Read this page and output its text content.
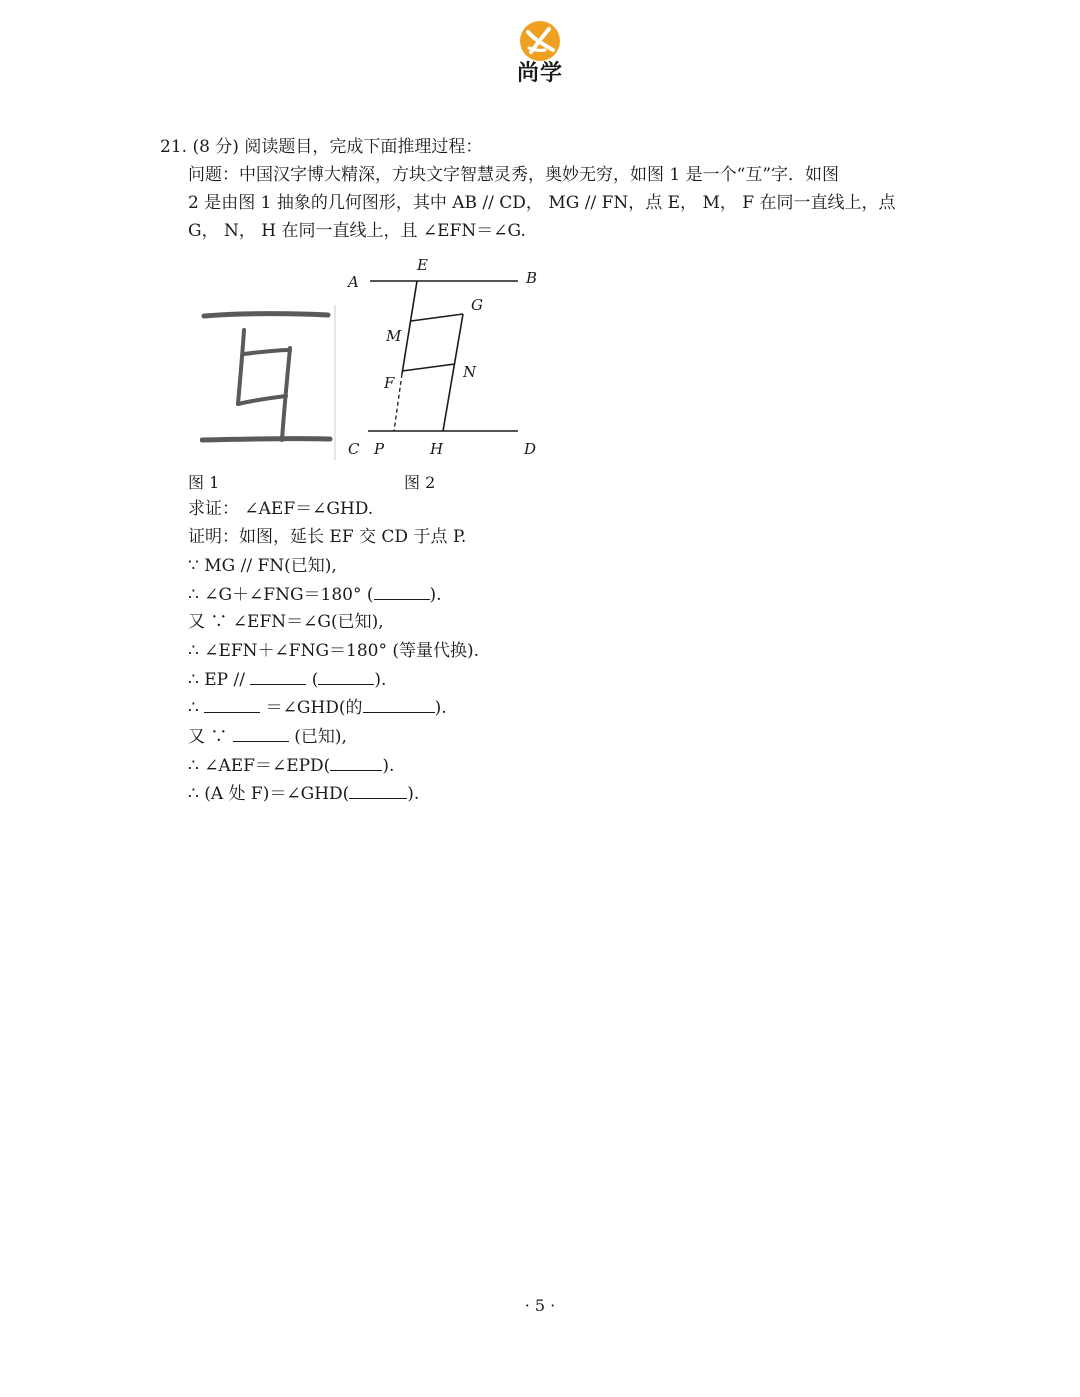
尚学
21. (8 分) 阅读题目，完成下面推理过程：
问题：中国汉字博大精深，方块文字智慧灵秀，奥妙无穷，如图 1 是一个“互”字．如图
2 是由图 1 抽象的几何图形，其中 AB // CD， MG // FN，点 E， M， F 在同一直线上，点
G， N， H 在同一直线上，且 ∠EFN＝∠G.
A	B
E
G
M
N
F
C P	H	D
图 1	图 2
求证： ∠AEF＝∠GHD.
证明：如图，延长 EF 交 CD 于点 P.
∵ MG // FN(已知),
∴ ∠G＋∠FNG＝180° (	).
又 ∵ ∠EFN＝∠G(已知),
∴ ∠EFN＋∠FNG＝180° (等量代换).
∴ EP //	(	).
∴	＝∠GHD(的	).
又 ∵	(已知),
∴ ∠AEF＝∠EPD(	).
∴ (A 处 F)＝∠GHD(	).
· 5 ·
